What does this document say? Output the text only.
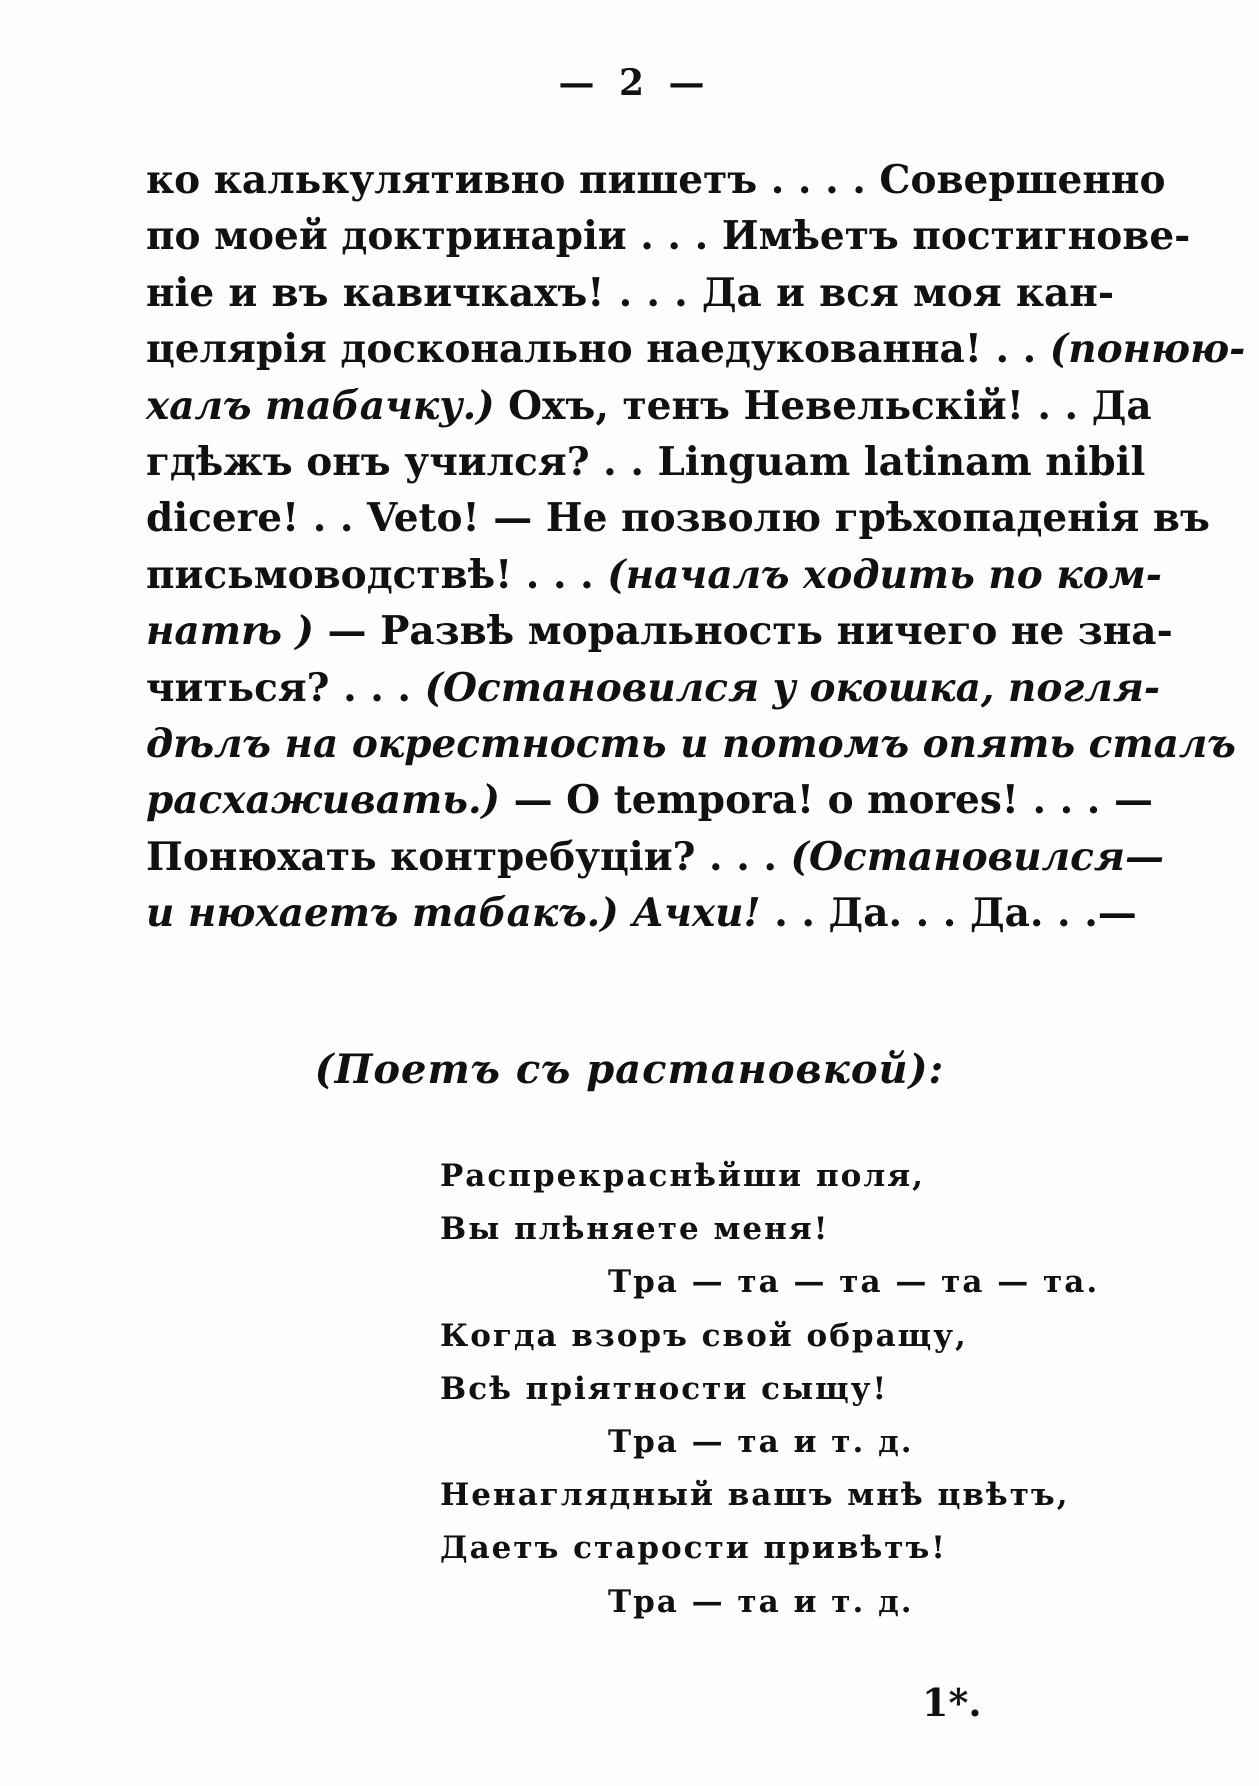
— 2 —
ко калькулятивно пишетъ . . . . Совершенно
по моей доктринаріи . . . Имѣетъ постигнове-
ніе и въ кавичкахъ! . . . Да и вся моя кан-
целярія досконально наедукованна! . . (понюю-
халъ табачку.) Охъ, тенъ Невельскій! . . Да
гдѣжъ онъ учился? . . Linguam latinam nibil
dicere! . . Veto! — Не позволю грѣхопаденія въ
письмоводствѣ! . . . (началъ ходить по ком-
натѣ ) — Развѣ моральность ничего не зна-
читься? . . . (Остановился у окошка, погля-
дѣлъ на окрестность и потомъ опять сталъ
расхаживать.) — O tempora! o mores! . . . —
Понюхать контребуціи? . . . (Остановился—
и нюхаетъ табакъ.) Ачхи! . . Да. . . Да. . .—
(Поетъ съ растановкой):
Распрекраснѣйши поля,
Вы плѣняете меня!
Тра — та — та — та — та.
Когда взоръ свой обращу,
Всѣ пріятности сыщу!
Тра — та и т. д.
Ненаглядный вашъ мнѣ цвѣтъ,
Даетъ старости привѣтъ!
Тра — та и т. д.
1*.
